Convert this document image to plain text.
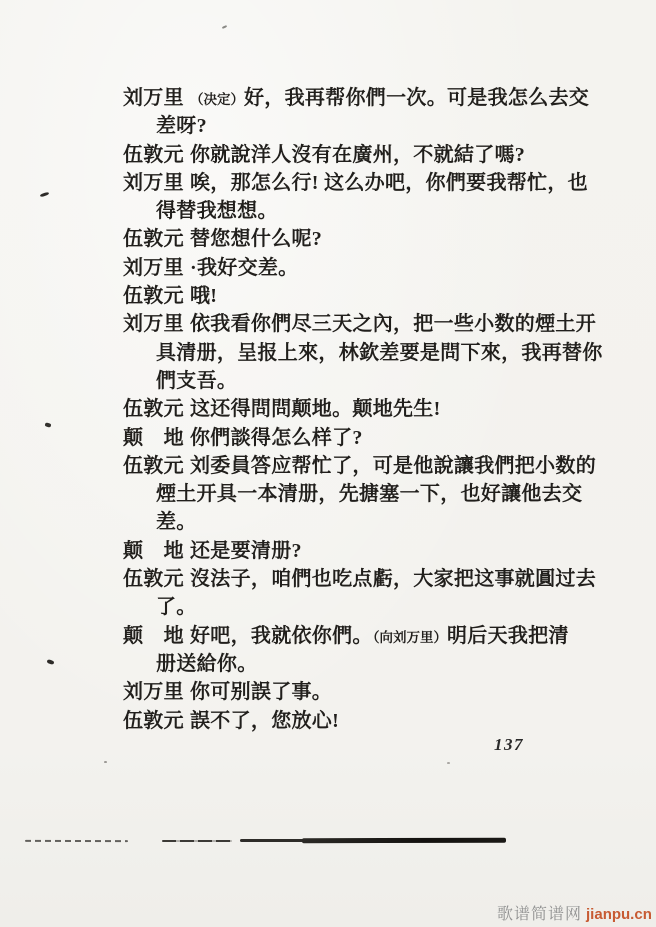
刘万里 （决定）好，我再帮你們一次。可是我怎么去交
差呀?
伍敦元 你就說洋人沒有在廣州，不就結了嗎?
刘万里 唉，那怎么行! 这么办吧，你們要我帮忙，也
得替我想想。
伍敦元 替您想什么呢?
刘万里 ·我好交差。
伍敦元 哦!
刘万里 依我看你們尽三天之內，把一些小数的煙土开
具清册，呈报上來，林欽差要是問下來，我再替你
們支吾。
伍敦元 这还得問問颠地。颠地先生!
颠　地 你們談得怎么样了?
伍敦元 刘委員答应帮忙了，可是他說讓我們把小数的
煙土开具一本清册，先搪塞一下，也好讓他去交
差。
颠　地 还是要清册?
伍敦元 沒法子，咱們也吃点虧，大家把这事就圓过去
了。
颠　地 好吧，我就依你們。（向刘万里）明后天我把清
册送給你。
刘万里 你可别誤了事。
伍敦元 誤不了，您放心!
137
歌谱简谱网 jianpu.cn
